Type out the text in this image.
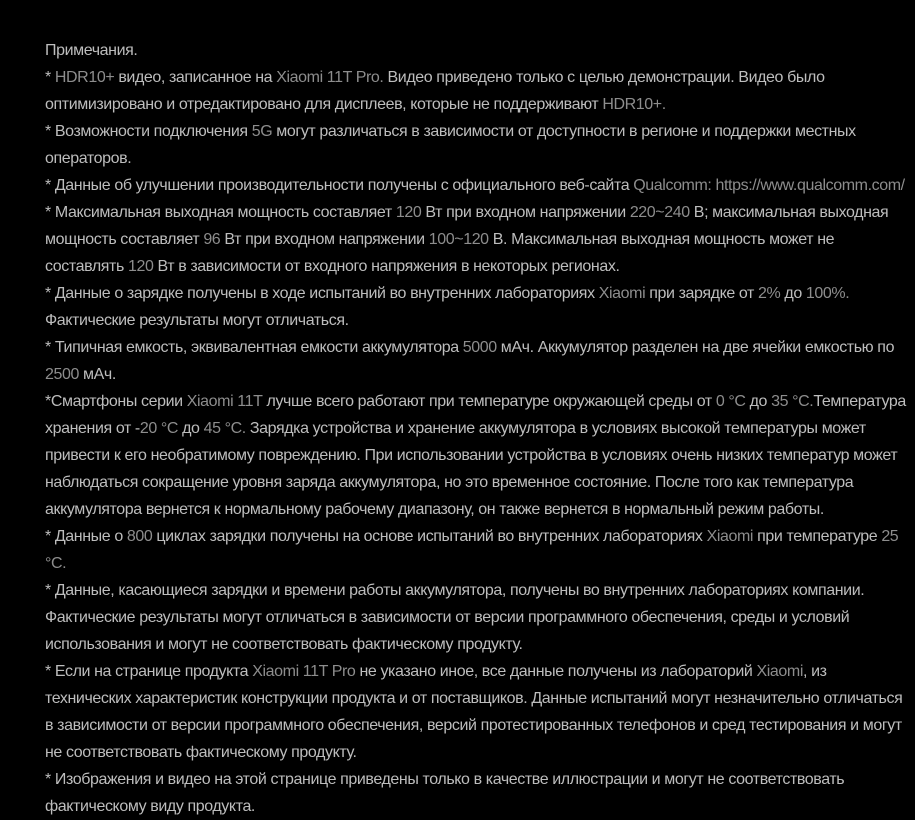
Примечания.

* HDR10+ видео, записанное на Xiaomi 11T Pro. Видео приведено только с целью демонстрации. Видео было оптимизировано и отредактировано для дисплеев, которые не поддерживают HDR10+.

* Возможности подключения 5G могут различаться в зависимости от доступности в регионе и поддержки местных операторов.

* Данные об улучшении производительности получены с официального веб-сайта Qualcomm: https://www.qualcomm.com/

* Максимальная выходная мощность составляет 120 Вт при входном напряжении 220~240 В; максимальная выходная мощность составляет 96 Вт при входном напряжении 100~120 В. Максимальная выходная мощность может не составлять 120 Вт в зависимости от входного напряжения в некоторых регионах.

* Данные о зарядке получены в ходе испытаний во внутренних лабораториях Xiaomi при зарядке от 2% до 100%. Фактические результаты могут отличаться.

* Типичная емкость, эквивалентная емкости аккумулятора 5000 мАч. Аккумулятор разделен на две ячейки емкостью по 2500 мАч.

*Смартфоны серии Xiaomi 11T лучше всего работают при температуре окружающей среды от 0 °C до 35 °C.Температура хранения от -20 °C до 45 °C. Зарядка устройства и хранение аккумулятора в условиях высокой температуры может привести к его необратимому повреждению. При использовании устройства в условиях очень низких температур может наблюдаться сокращение уровня заряда аккумулятора, но это временное состояние. После того как температура аккумулятора вернется к нормальному рабочему диапазону, он также вернется в нормальный режим работы.

* Данные о 800 циклах зарядки получены на основе испытаний во внутренних лабораториях Xiaomi при температуре 25 °C.

* Данные, касающиеся зарядки и времени работы аккумулятора, получены во внутренних лабораториях компании. Фактические результаты могут отличаться в зависимости от версии программного обеспечения, среды и условий использования и могут не соответствовать фактическому продукту.

* Если на странице продукта Xiaomi 11T Pro не указано иное, все данные получены из лабораторий Xiaomi, из технических характеристик конструкции продукта и от поставщиков. Данные испытаний могут незначительно отличаться в зависимости от версии программного обеспечения, версий протестированных телефонов и сред тестирования и могут не соответствовать фактическому продукту.

* Изображения и видео на этой странице приведены только в качестве иллюстрации и могут не соответствовать фактическому виду продукта.
